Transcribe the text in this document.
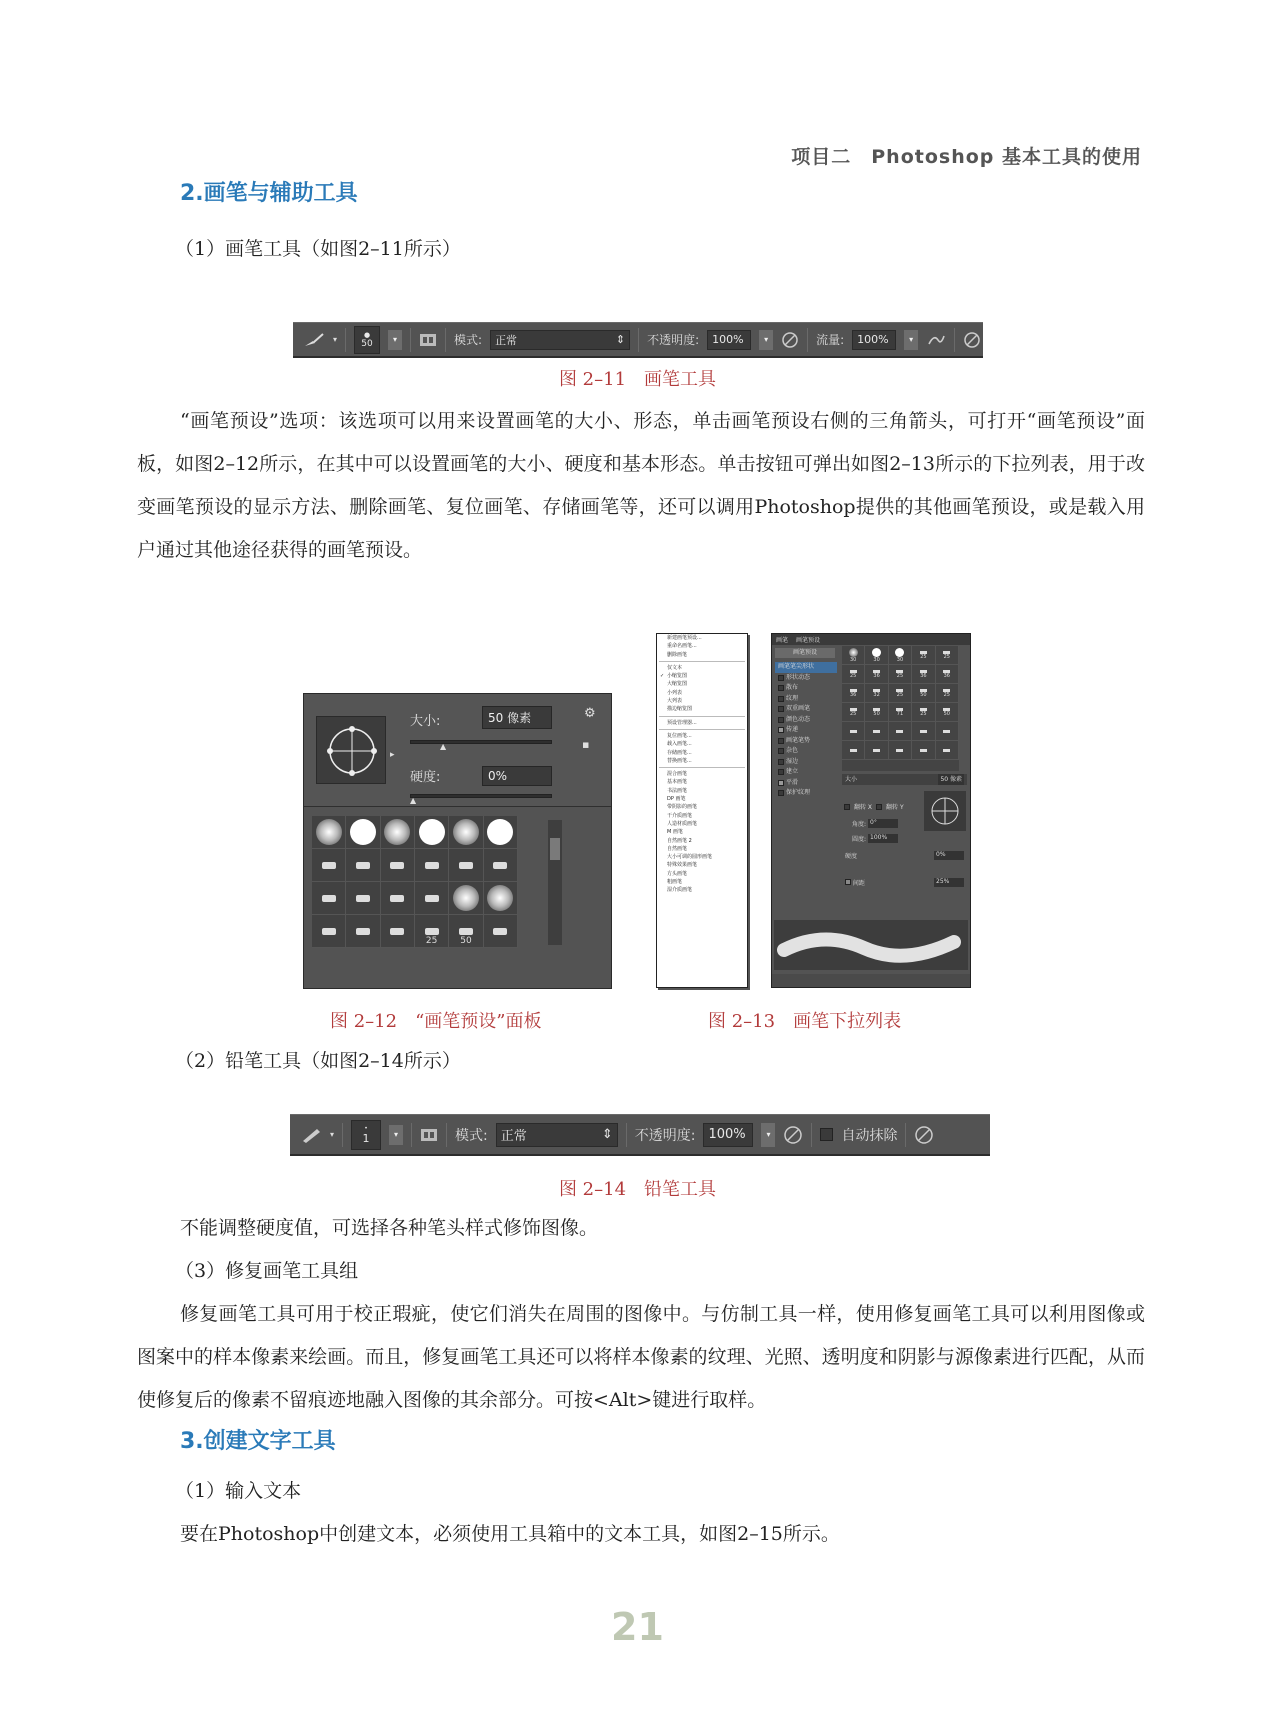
项目二　Photoshop 基本工具的使用
2.画笔与辅助工具
（1）画笔工具（如图2–11所示）
▾
●
50	▾	模式: 正常	⇕ 不透明度:	100%	▾	流量:	100%	▾
图 2–11　画笔工具
“画笔预设”选项：该选项可以用来设置画笔的大小、形态，单击画笔预设右侧的三角箭头，可打开“画笔预设”面板，如图2–12所示，在其中可以设置画笔的大小、硬度和基本形态。单击按钮可弹出如图2–13所示的下拉列表，用于改变画笔预设的显示方法、删除画笔、复位画笔、存储画笔等，还可以调用Photoshop提供的其他画笔预设，或是载入用户通过其他途径获得的画笔预设。
▸
大小:	50 像素	⚙
▪
▲
硬度:	0%
▲
25	50
新建画笔预设...
重命名画笔...
删除画笔
仅文本
✓ 小缩览图
大缩览图
小列表
大列表
描边缩览图
预设管理器...
复位画笔...
载入画笔...
存储画笔...
替换画笔...
混合画笔
基本画笔
书法画笔
DP 画笔
带阴影的画笔
干介质画笔
人造材质画笔
M 画笔
自然画笔 2
自然画笔
大小可调的圆形画笔
特殊效果画笔
方头画笔
粗画笔
湿介质画笔
画笔 画笔预设
画笔预设
画笔笔尖形状
形状动态
散布
纹理
双重画笔
颜色动态
传递
画笔笔势
杂色
湿边
建立
平滑
保护纹理
30	30	30	25	25
25	36	25	36	36
36	32	25	50	25
25	50	71	25	50
大小	50 像素
翻转 X 翻转 Y
角度: 0°
圆度: 100%
硬度	0%
间距	25%
图 2–12　“画笔预设”面板	图 2–13　画笔下拉列表
（2）铅笔工具（如图2–14所示）
▾
•
1	▾	模式: 正常	⇕ 不透明度:	100%	▾	自动抹除
图 2–14　铅笔工具
不能调整硬度值，可选择各种笔头样式修饰图像。
（3）修复画笔工具组
修复画笔工具可用于校正瑕疵，使它们消失在周围的图像中。与仿制工具一样，使用修复画笔工具可以利用图像或图案中的样本像素来绘画。而且，修复画笔工具还可以将样本像素的纹理、光照、透明度和阴影与源像素进行匹配，从而使修复后的像素不留痕迹地融入图像的其余部分。可按<Alt>键进行取样。
3.创建文字工具
（1）输入文本
要在Photoshop中创建文本，必须使用工具箱中的文本工具，如图2–15所示。
21
